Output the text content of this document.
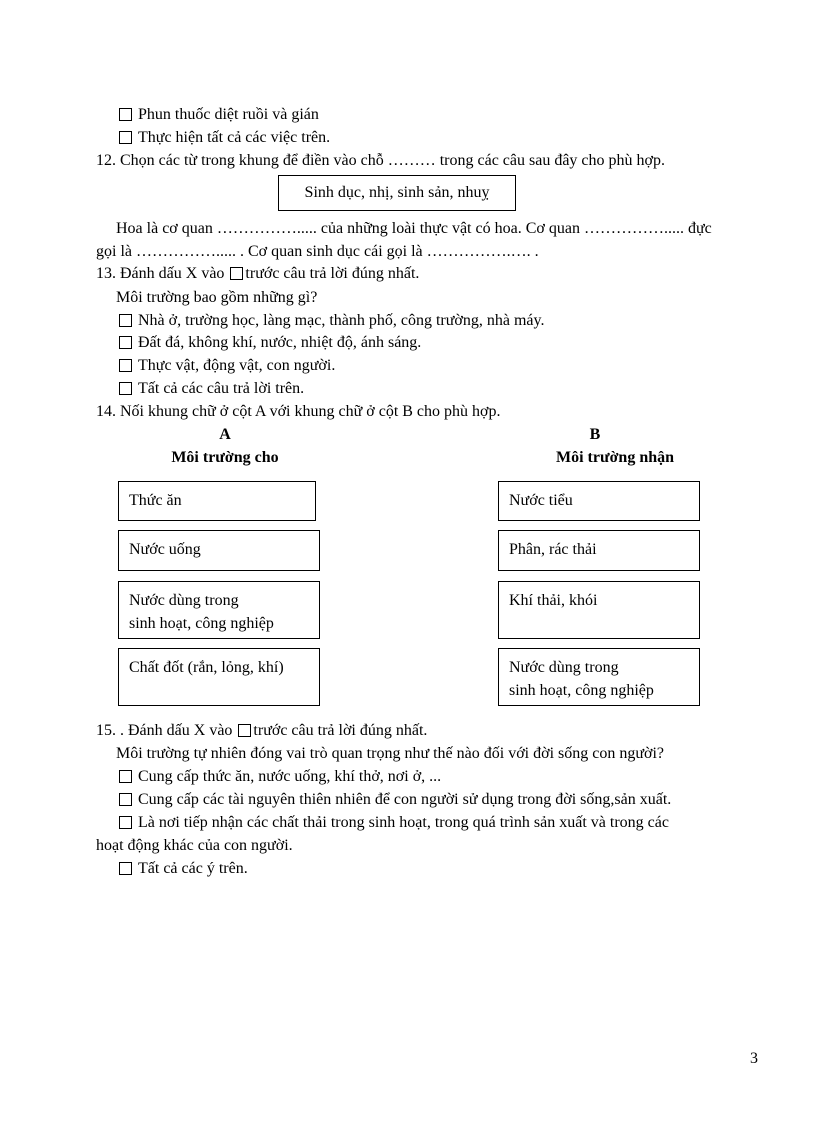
Phun thuốc diệt ruồi và gián
Thực hiện tất cả các việc trên.
12. Chọn các từ trong khung để điền vào chỗ ……… trong các câu sau đây cho phù hợp.
Sinh dục, nhị, sinh sản, nhuỵ
Hoa là cơ quan ……………..... của những loài thực vật có hoa. Cơ quan ……………..... đực
gọi là ……………..... . Cơ quan sinh dục cái gọi là …………….…. .
13. Đánh dấu X vào trước câu trả lời đúng nhất.
Môi trường bao gồm những gì?
Nhà ở, trường học, làng mạc, thành phố, công trường, nhà máy.
Đất đá, không khí, nước, nhiệt độ, ánh sáng.
Thực vật, động vật, con người.
Tất cả các câu trả lời trên.
14. Nối khung chữ ở cột A với khung chữ ở cột B cho phù hợp.
A
Môi trường cho
B
Môi trường nhận
Thức ăn
Nước uống
Nước dùng trong
sinh hoạt, công nghiệp
Chất đốt (rắn, lỏng, khí)
Nước tiểu
Phân, rác thải
Khí thải, khói
Nước dùng trong
sinh hoạt, công nghiệp
15. . Đánh dấu X vào trước câu trả lời đúng nhất.
Môi trường tự nhiên đóng vai trò quan trọng như thế nào đối với đời sống con người?
Cung cấp thức ăn, nước uống, khí thở, nơi ở, ...
Cung cấp các tài nguyên thiên nhiên để con người sử dụng trong đời sống,sản xuất.
Là nơi tiếp nhận các chất thải trong sinh hoạt, trong quá trình sản xuất và trong các
hoạt động khác của con người.
Tất cả các ý trên.
3
